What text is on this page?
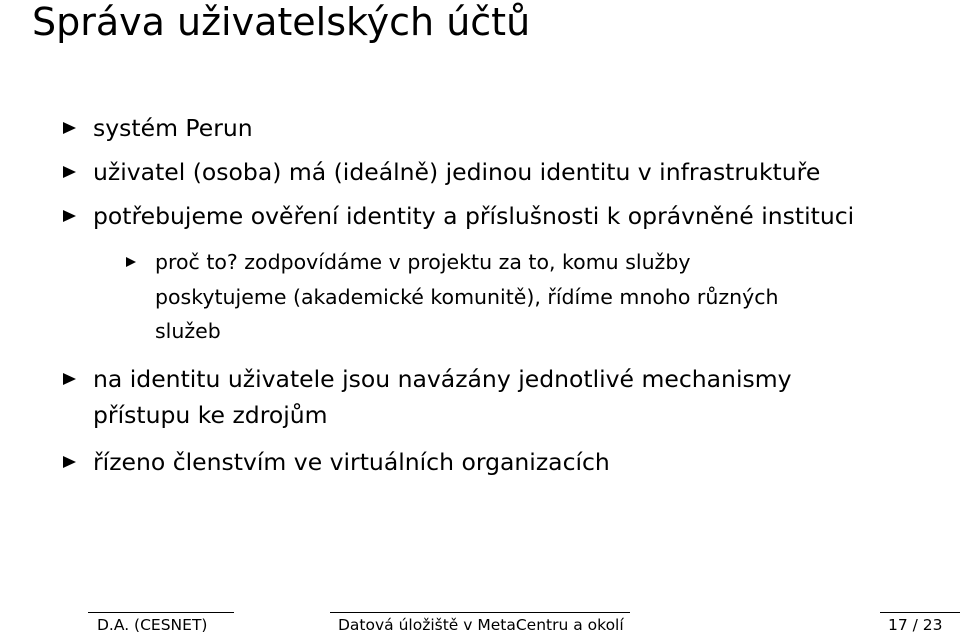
Správa uživatelských účtů
systém Perun
uživatel (osoba) má (ideálně) jedinou identitu v infrastruktuře
potřebujeme ověření identity a příslušnosti k oprávněné instituci
proč to? zodpovídáme v projektu za to, komu služby
poskytujeme (akademické komunitě), řídíme mnoho různých
služeb
na identitu uživatele jsou navázány jednotlivé mechanismy
přístupu ke zdrojům
řízeno členstvím ve virtuálních organizacích
D.A. (CESNET)	Datová úložiště v MetaCentru a okolí	17 / 23
